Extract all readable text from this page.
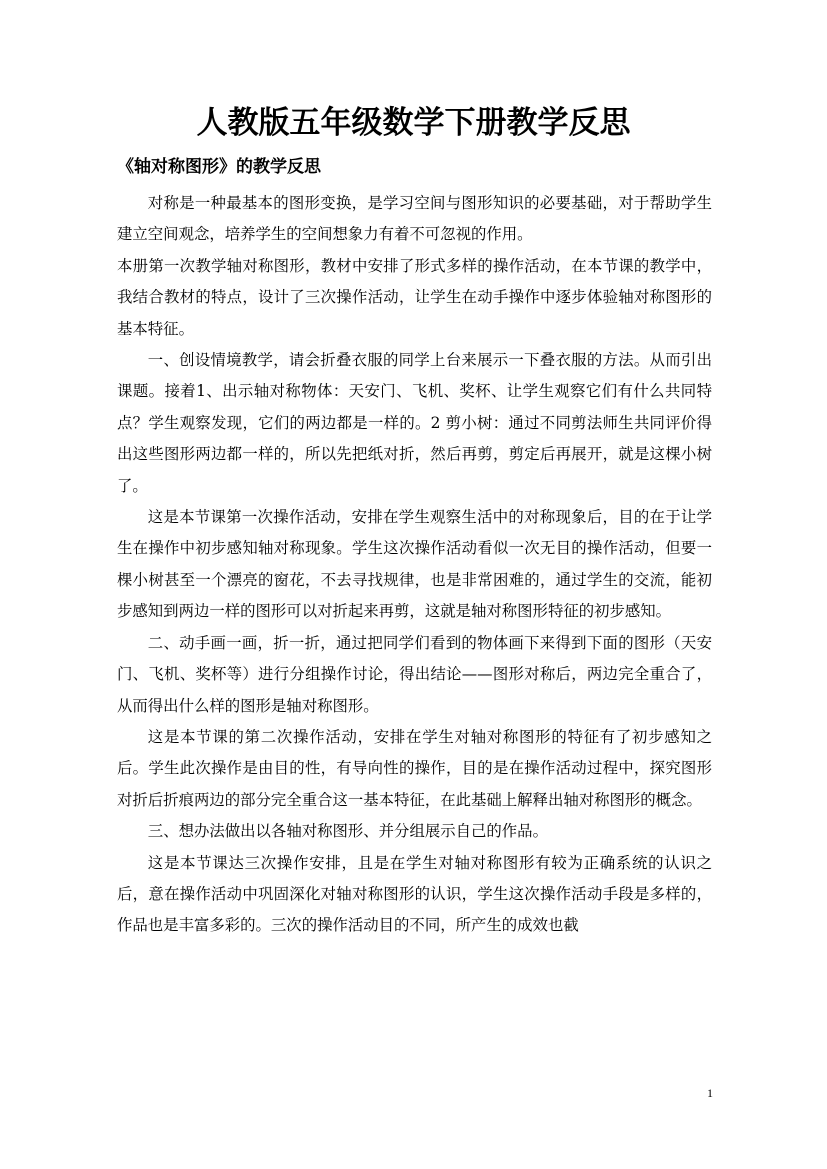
人教版五年级数学下册教学反思
《轴对称图形》的教学反思

对称是一种最基本的图形变换，是学习空间与图形知识的必要基础，对于帮助学生建立空间观念，培养学生的空间想象力有着不可忽视的作用。

本册第一次教学轴对称图形，教材中安排了形式多样的操作活动，在本节课的教学中，我结合教材的特点，设计了三次操作活动，让学生在动手操作中逐步体验轴对称图形的基本特征。

一、创设情境教学，请会折叠衣服的同学上台来展示一下叠衣服的方法。从而引出课题。接着1、出示轴对称物体：天安门、飞机、奖杯、让学生观察它们有什么共同特点？学生观察发现，它们的两边都是一样的。2 剪小树：通过不同剪法师生共同评价得出这些图形两边都一样的，所以先把纸对折，然后再剪，剪定后再展开，就是这棵小树了。

这是本节课第一次操作活动，安排在学生观察生活中的对称现象后，目的在于让学生在操作中初步感知轴对称现象。学生这次操作活动看似一次无目的操作活动，但要一棵小树甚至一个漂亮的窗花，不去寻找规律，也是非常困难的，通过学生的交流，能初步感知到两边一样的图形可以对折起来再剪，这就是轴对称图形特征的初步感知。

二、动手画一画，折一折，通过把同学们看到的物体画下来得到下面的图形（天安门、飞机、奖杯等）进行分组操作讨论，得出结论——图形对称后，两边完全重合了，从而得出什么样的图形是轴对称图形。

这是本节课的第二次操作活动，安排在学生对轴对称图形的特征有了初步感知之后。学生此次操作是由目的性，有导向性的操作，目的是在操作活动过程中，探究图形对折后折痕两边的部分完全重合这一基本特征，在此基础上解释出轴对称图形的概念。

三、想办法做出以各轴对称图形、并分组展示自己的作品。

这是本节课达三次操作安排，且是在学生对轴对称图形有较为正确系统的认识之后，意在操作活动中巩固深化对轴对称图形的认识，学生这次操作活动手段是多样的，作品也是丰富多彩的。三次的操作活动目的不同，所产生的成效也截

1
